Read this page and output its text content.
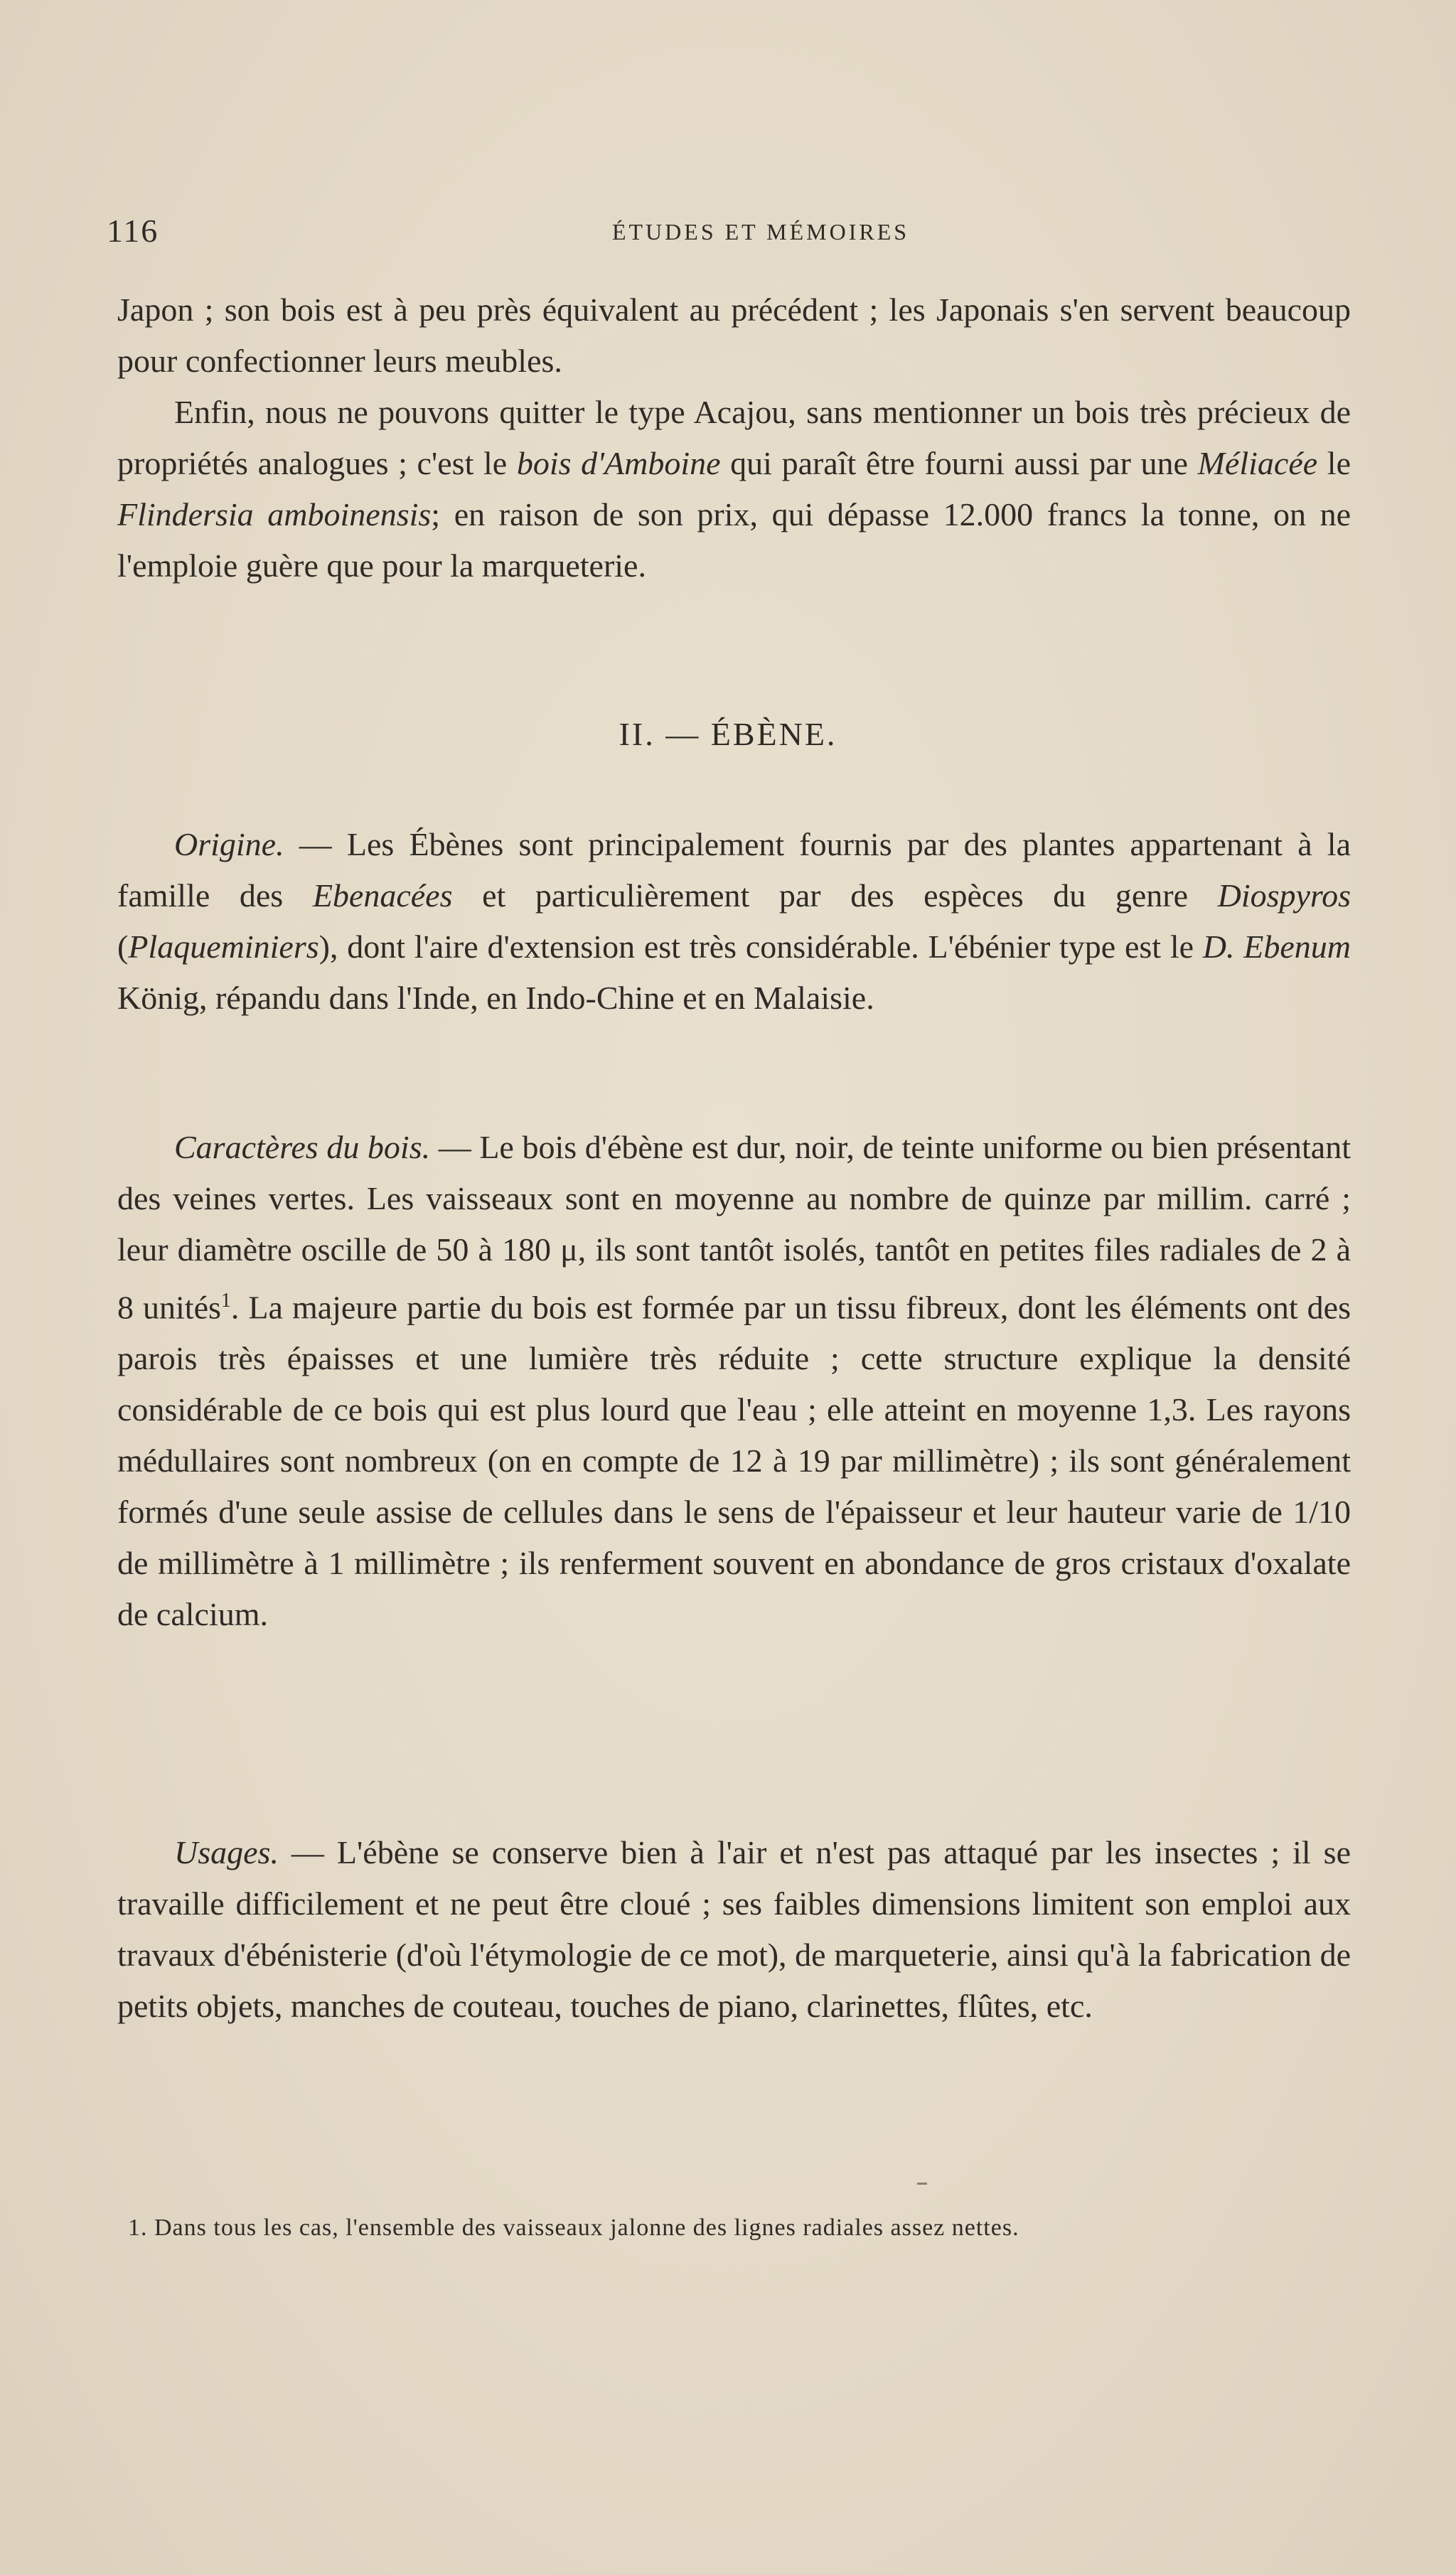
116	ÉTUDES ET MÉMOIRES

Japon ; son bois est à peu près équivalent au précédent ; les Japonais s'en servent beaucoup pour confectionner leurs meubles.

Enfin, nous ne pouvons quitter le type Acajou, sans mentionner un bois très précieux de propriétés analogues ; c'est le bois d'Amboine qui paraît être fourni aussi par une Méliacée le Flindersia amboinensis; en raison de son prix, qui dépasse 12.000 francs la tonne, on ne l'emploie guère que pour la marqueterie.

II. — ÉBÈNE.

Origine. — Les Ébènes sont principalement fournis par des plantes appartenant à la famille des Ebenacées et particulièrement par des espèces du genre Diospyros (Plaqueminiers), dont l'aire d'extension est très considérable. L'ébénier type est le D. Ebenum König, répandu dans l'Inde, en Indo-Chine et en Malaisie.

Caractères du bois. — Le bois d'ébène est dur, noir, de teinte uniforme ou bien présentant des veines vertes. Les vaisseaux sont en moyenne au nombre de quinze par millim. carré ; leur diamètre oscille de 50 à 180 μ, ils sont tantôt isolés, tantôt en petites files radiales de 2 à 8 unités$^1$. La majeure partie du bois est formée par un tissu fibreux, dont les éléments ont des parois très épaisses et une lumière très réduite ; cette structure explique la densité considérable de ce bois qui est plus lourd que l'eau ; elle atteint en moyenne 1,3. Les rayons médullaires sont nombreux (on en compte de 12 à 19 par millimètre) ; ils sont généralement formés d'une seule assise de cellules dans le sens de l'épaisseur et leur hauteur varie de 1/10 de millimètre à 1 millimètre ; ils renferment souvent en abondance de gros cristaux d'oxalate de calcium.

Usages. — L'ébène se conserve bien à l'air et n'est pas attaqué par les insectes ; il se travaille difficilement et ne peut être cloué ; ses faibles dimensions limitent son emploi aux travaux d'ébénisterie (d'où l'étymologie de ce mot), de marqueterie, ainsi qu'à la fabrication de petits objets, manches de couteau, touches de piano, clarinettes, flûtes, etc.

1. Dans tous les cas, l'ensemble des vaisseaux jalonne des lignes radiales assez nettes.
